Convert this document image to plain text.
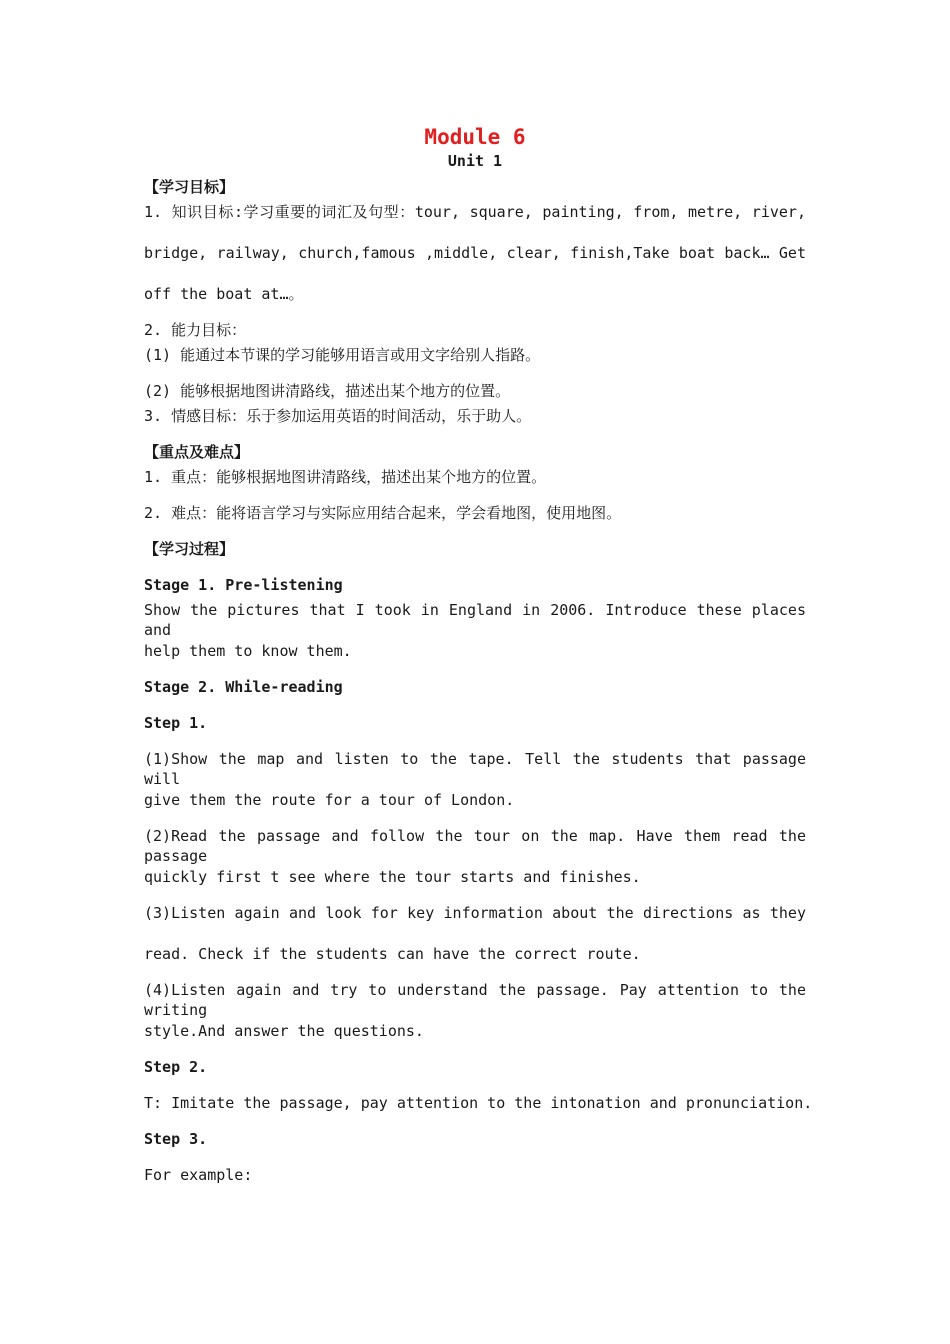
Module 6
Unit 1
【学习目标】
1. 知识目标:学习重要的词汇及句型：tour, square, painting, from, metre, river,
bridge, railway, church,famous ,middle, clear, finish,Take boat back… Get
off the boat at…。
2. 能力目标：
(1) 能通过本节课的学习能够用语言或用文字给别人指路。
(2) 能够根据地图讲清路线，描述出某个地方的位置。
3. 情感目标：乐于参加运用英语的时间活动，乐于助人。
【重点及难点】
1. 重点：能够根据地图讲清路线，描述出某个地方的位置。
2. 难点：能将语言学习与实际应用结合起来，学会看地图，使用地图。
【学习过程】
Stage 1. Pre-listening
Show the pictures that I took in England in 2006. Introduce these places and
help them to know them.
Stage 2. While-reading
Step 1.
(1)Show the map and listen to the tape. Tell the students that passage will
give them the route for a tour of London.
(2)Read the passage and follow the tour on the map. Have them read the passage
quickly first t see where the tour starts and finishes.
(3)Listen again and look for key information about the directions as they
read. Check if the students can have the correct route.
(4)Listen again and try to understand the passage. Pay attention to the writing
style.And answer the questions.
Step 2.
T: Imitate the passage, pay attention to the intonation and pronunciation.
Step 3.
For example:
